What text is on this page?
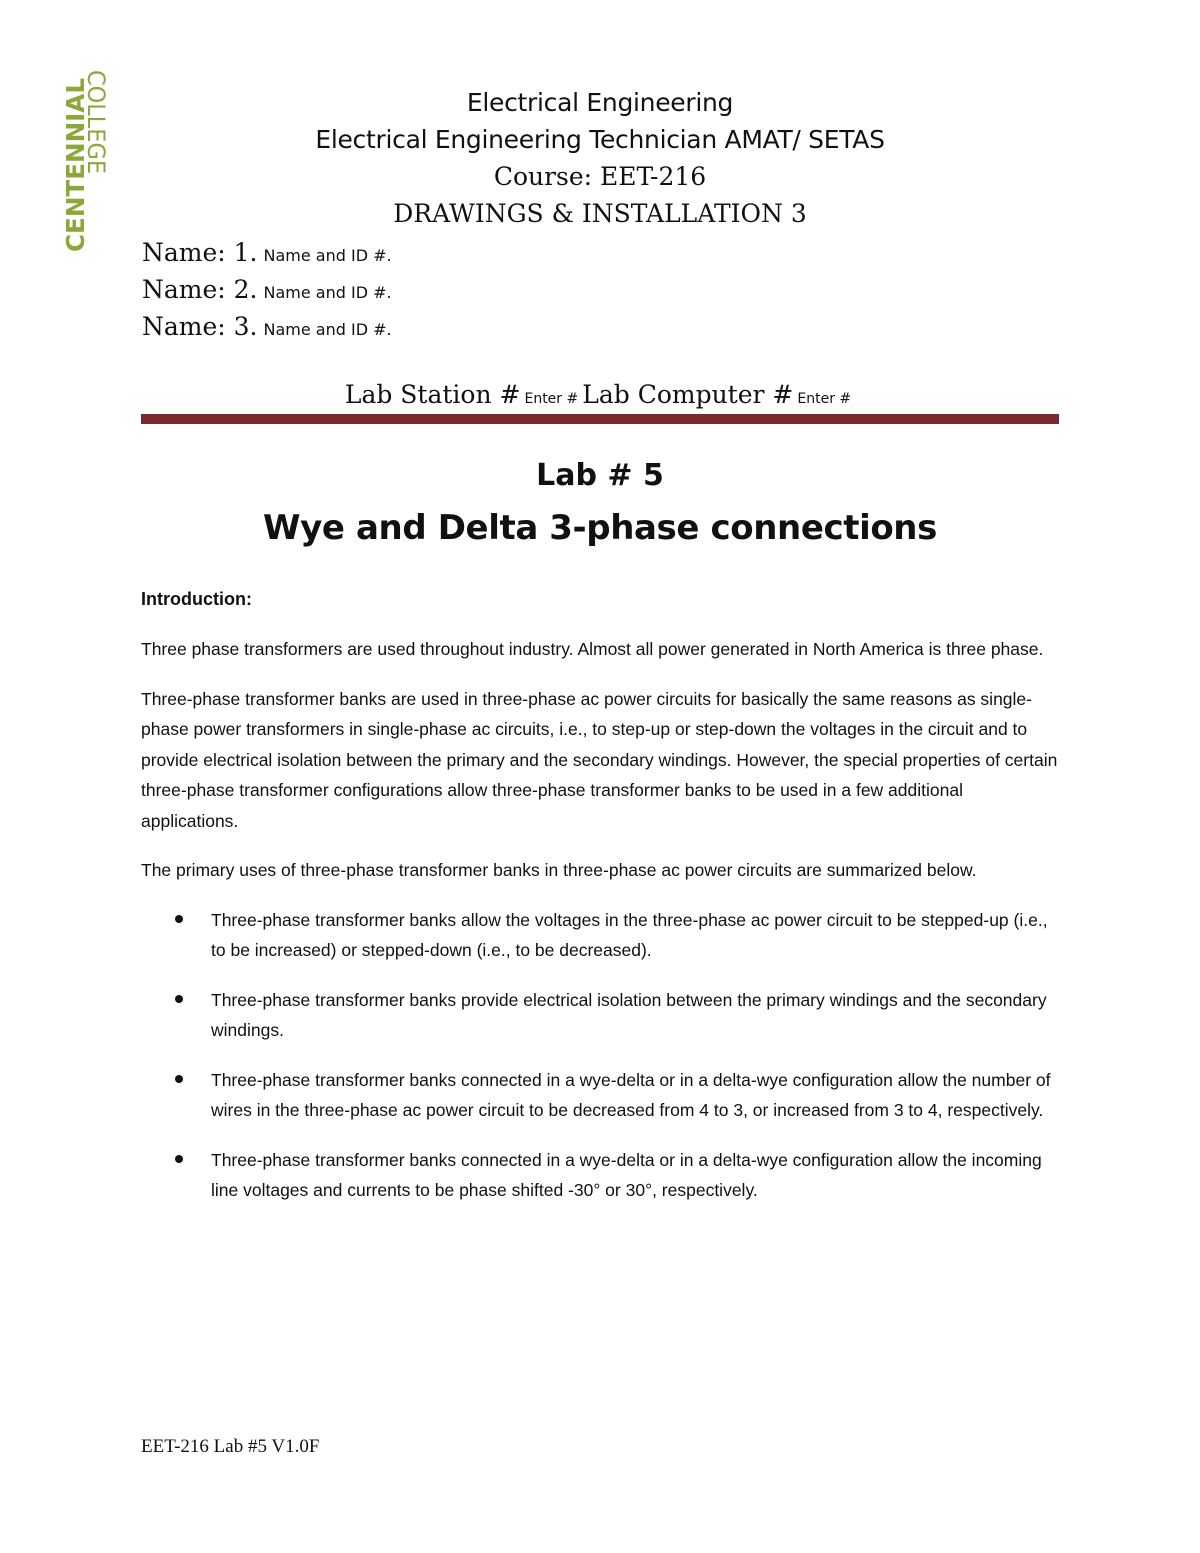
CENTENNIAL
COLLEGE	Electrical Engineering
Electrical Engineering Technician AMAT/ SETAS
Course: EET-216
DRAWINGS & INSTALLATION 3
Name: 1. Name and ID #.
Name: 2. Name and ID #.
Name: 3. Name and ID #.
Lab Station # Enter # Lab Computer # Enter #
Lab # 5
Wye and Delta 3-phase connections
Introduction:

Three phase transformers are used throughout industry. Almost all power generated in North America is three phase.

Three-phase transformer banks are used in three-phase ac power circuits for basically the same reasons as single-phase power transformers in single-phase ac circuits, i.e., to step-up or step-down the voltages in the circuit and to provide electrical isolation between the primary and the secondary windings. However, the special properties of certain three-phase transformer configurations allow three-phase transformer banks to be used in a few additional applications.

The primary uses of three-phase transformer banks in three-phase ac power circuits are summarized below.

Three-phase transformer banks allow the voltages in the three-phase ac power circuit to be stepped-up (i.e., to be increased) or stepped-down (i.e., to be decreased).
Three-phase transformer banks provide electrical isolation between the primary windings and the secondary windings.
Three-phase transformer banks connected in a wye-delta or in a delta-wye configuration allow the number of wires in the three-phase ac power circuit to be decreased from 4 to 3, or increased from 3 to 4, respectively.
Three-phase transformer banks connected in a wye-delta or in a delta-wye configuration allow the incoming line voltages and currents to be phase shifted -30° or 30°, respectively.
EET-216 Lab #5 V1.0F
